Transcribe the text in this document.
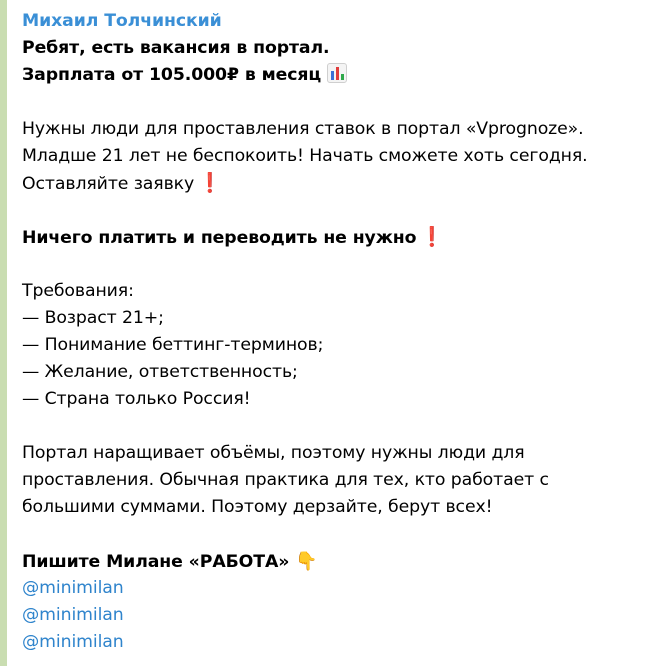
Михаил Толчинский
Ребят, есть вакансия в портал.
Зарплата от 105.000₽ в месяц
Нужны люди для проставления ставок в портал «Vprognoze».
Младше 21 лет не беспокоить! Начать сможете хоть сегодня.
Оставляйте заявку ❗
Ничего платить и переводить не нужно ❗
Требования:
— Возраст 21+;
— Понимание беттинг-терминов;
— Желание, ответственность;
— Страна только Россия!
Портал наращивает объёмы, поэтому нужны люди для
проставления. Обычная практика для тех, кто работает с
большими суммами. Поэтому дерзайте, берут всех!
Пишите Милане «РАБОТА» 👇
@minimilan
@minimilan
@minimilan
